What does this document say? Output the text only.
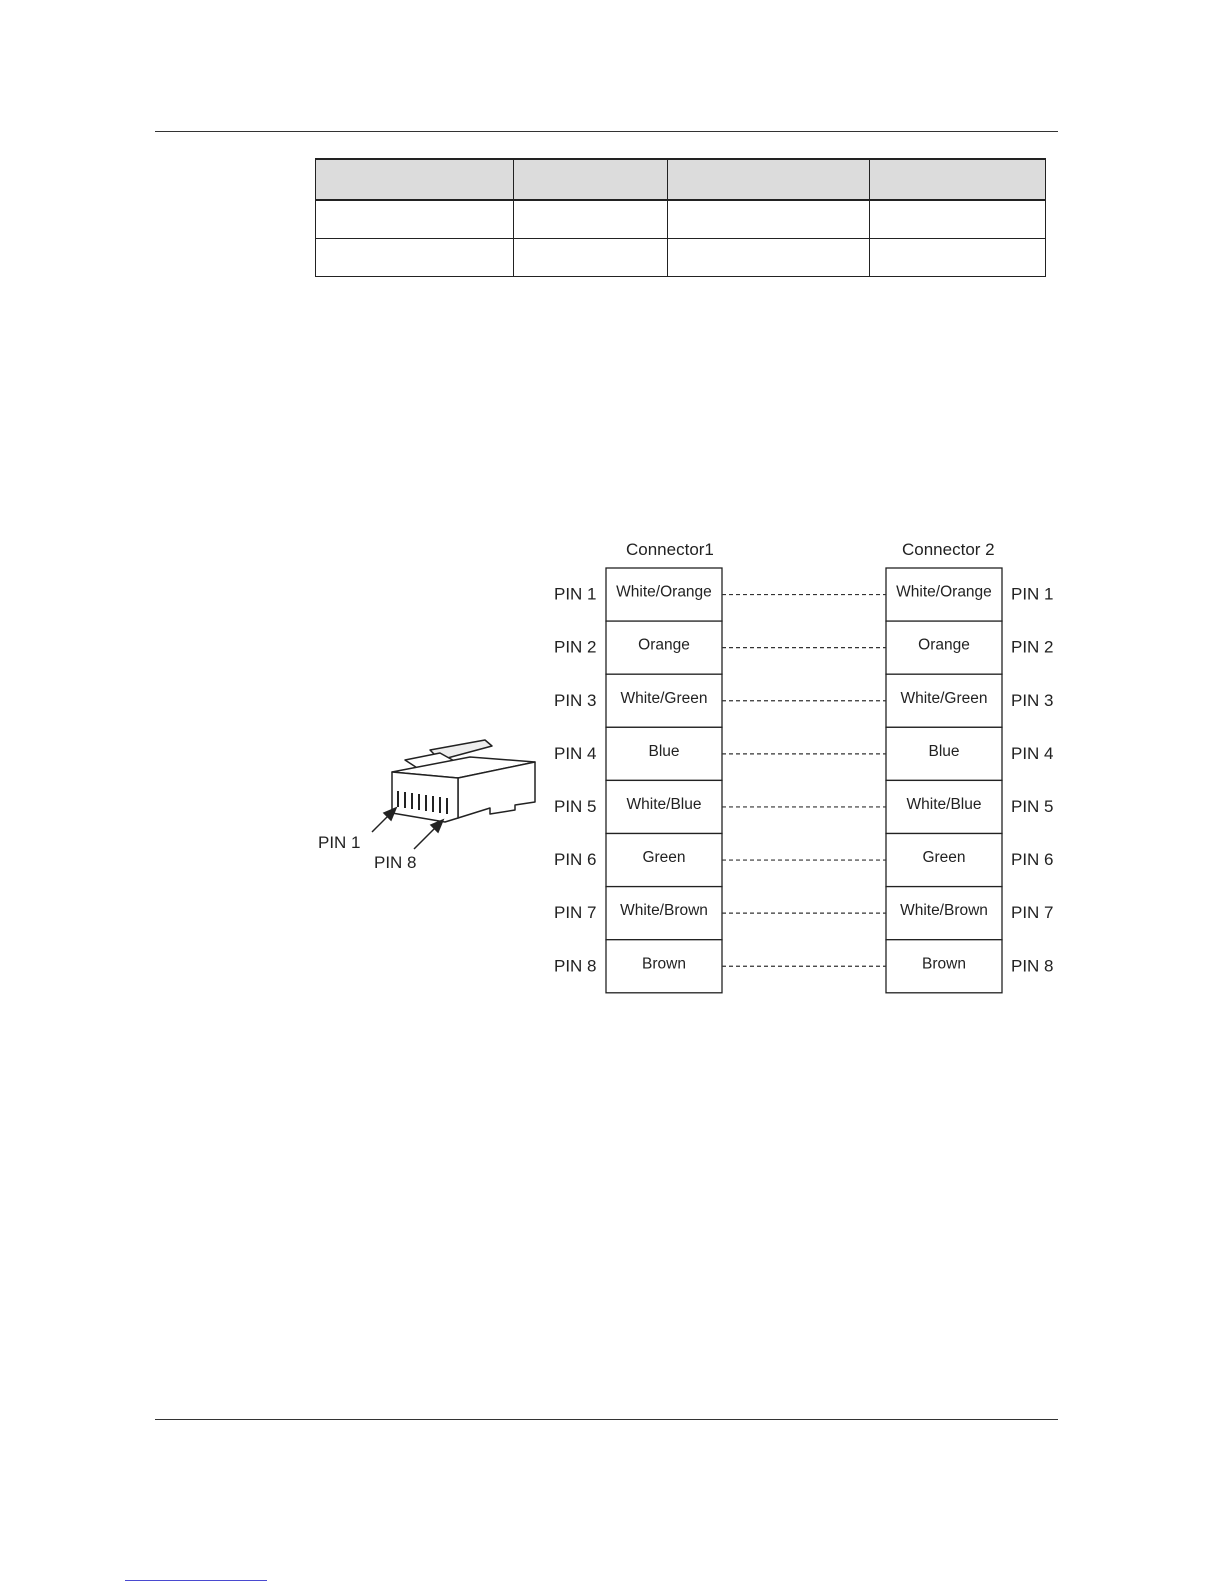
PIN 1
PIN 8
Connector1	Connector 2
PIN 1	PIN 1
White/Orange	White/Orange
PIN 2	PIN 2
Orange	Orange
PIN 3	PIN 3
White/Green	White/Green
PIN 4	PIN 4
Blue	Blue
PIN 5	PIN 5
White/Blue	White/Blue
PIN 6	PIN 6
Green	Green
PIN 7	PIN 7
White/Brown	White/Brown
PIN 8	PIN 8
Brown	Brown
